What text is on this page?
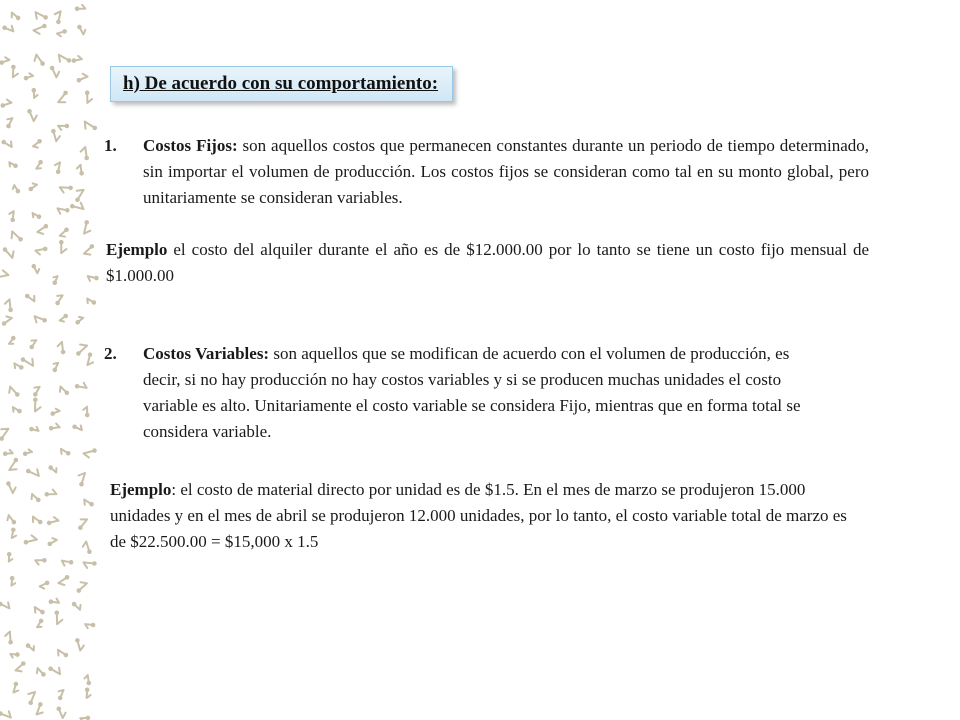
h) De acuerdo con su comportamiento:
1. Costos Fijos: son aquellos costos que permanecen constantes durante un periodo de tiempo determinado, sin importar el volumen de producción. Los costos fijos se consideran como tal en su monto global, pero unitariamente se consideran variables.
Ejemplo el costo del alquiler durante el año es de $12.000.00 por lo tanto se tiene un costo fijo mensual de $1.000.00
2. Costos Variables: son aquellos que se modifican de acuerdo con el volumen de producción, es decir, si no hay producción no hay costos variables y si se producen muchas unidades el costo variable es alto. Unitariamente el costo variable se considera Fijo, mientras que en forma total se considera variable.
Ejemplo: el costo de material directo por unidad es de $1.5. En el mes de marzo se produjeron 15.000 unidades y en el mes de abril se produjeron 12.000 unidades, por lo tanto, el costo variable total de marzo es de $22.500.00 = $15,000 x 1.5
